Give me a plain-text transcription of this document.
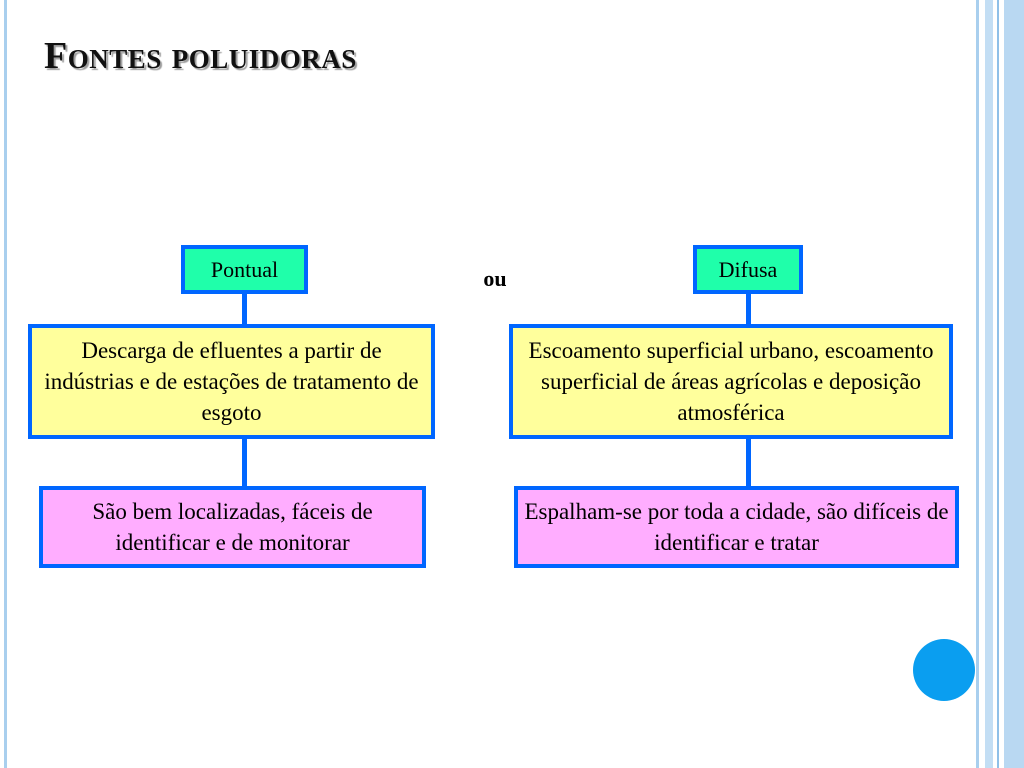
Fontes poluidoras
Pontual
Descarga de efluentes a partir de indústrias e de estações de tratamento de esgoto
São bem localizadas, fáceis de identificar e de monitorar
ou	Difusa
Escoamento superficial urbano, escoamento superficial de áreas agrícolas e deposição atmosférica
Espalham-se por toda a cidade, são difíceis de identificar e tratar
